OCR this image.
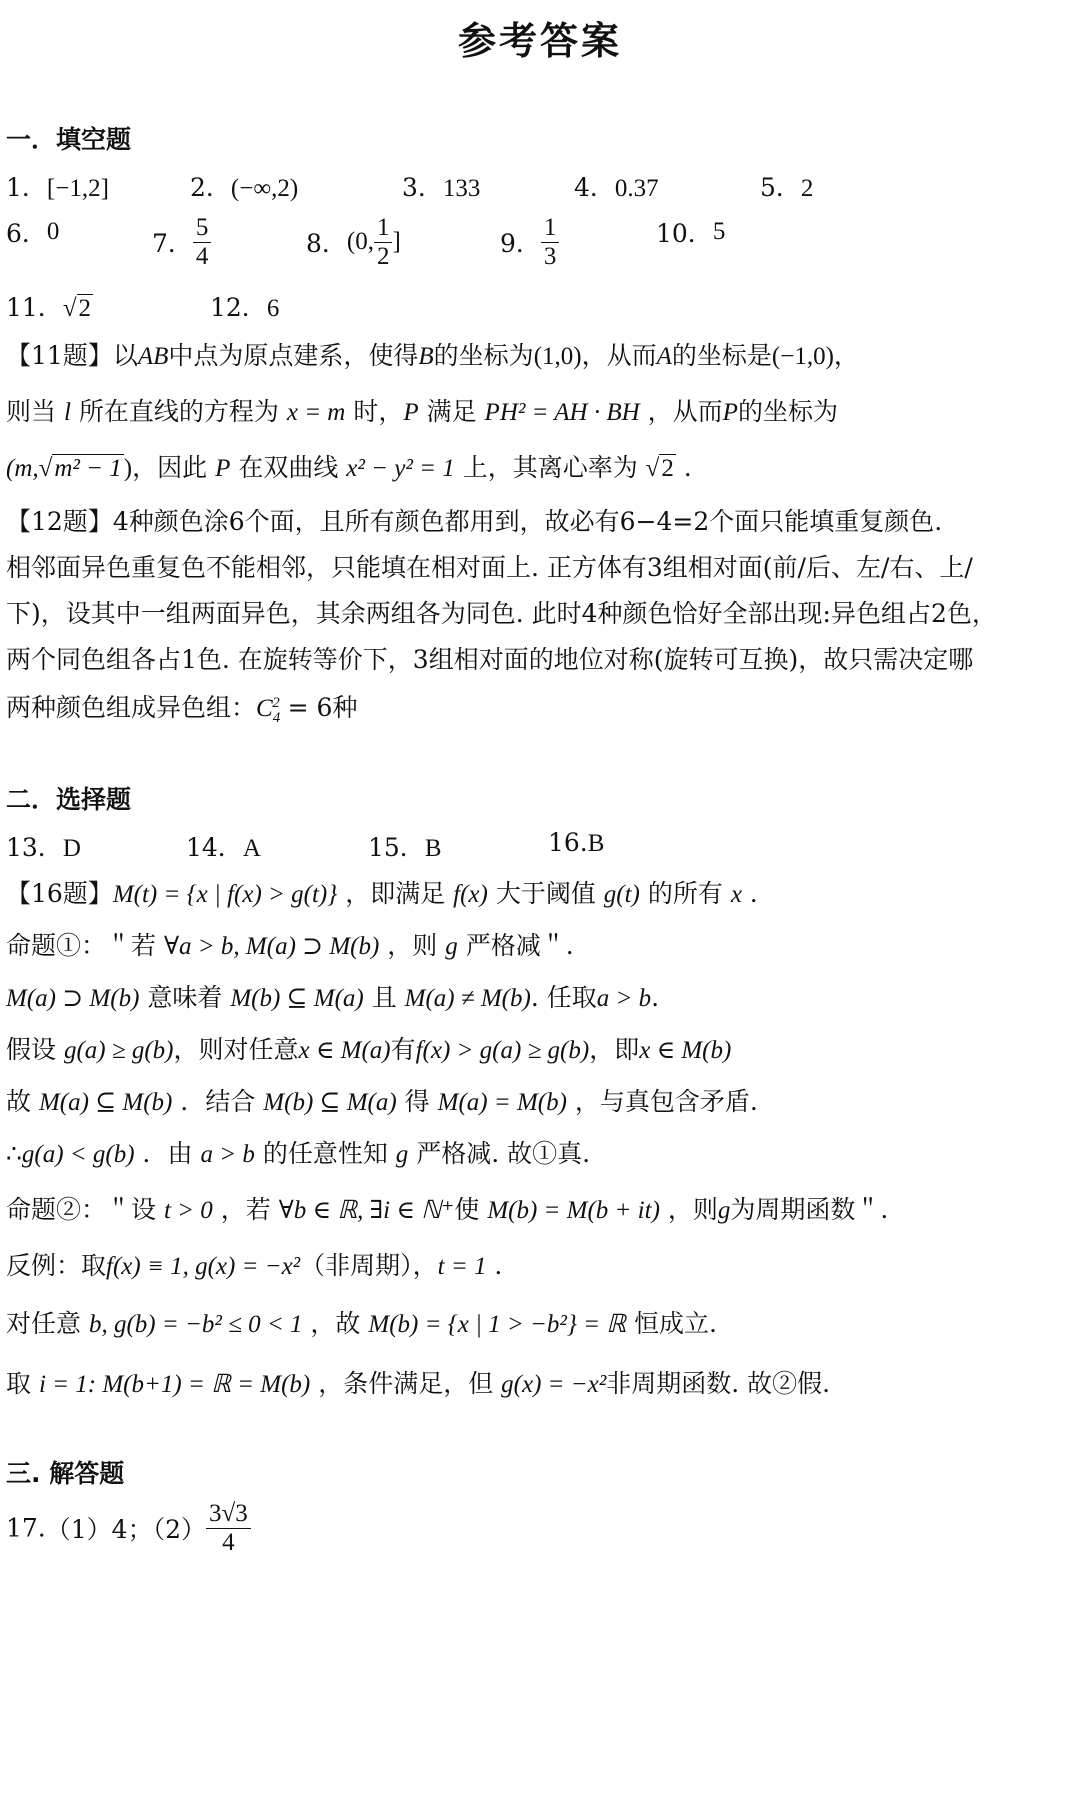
参考答案
一．填空题
1．[−1,2]	2．(−∞,2)	3．133	4．0.37	5．2
6．0	7． $\frac{5}{4}$	8．(0, $\frac{1}{2}$ ]	9． $\frac{1}{3}$	10．5
11．√2	12．6
【11题】以AB中点为原点建系，使得B的坐标为(1,0)，从而A的坐标是(−1,0)，
则当 l 所在直线的方程为 x = m 时，P 满足 PH² = AH · BH ，从而P的坐标为
(m,√m² − 1)，因此 P 在双曲线 x² − y² = 1 上，其离心率为 √2 ．
【12题】4种颜色涂6个面，且所有颜色都用到，故必有6−4=2个面只能填重复颜色.
相邻面异色重复色不能相邻，只能填在相对面上. 正方体有3组相对面(前/后、左/右、上/
下)，设其中一组两面异色，其余两组各为同色. 此时4种颜色恰好全部出现:异色组占2色，
两个同色组各占1色. 在旋转等价下，3组相对面的地位对称(旋转可互换)，故只需决定哪
两种颜色组成异色组：$C_4^2 = 6$种
二．选择题
13．D	14．A	15．B	16.B
【16题】M(t) = {x | f(x) > g(t)} ，即满足 f(x) 大于阈值 g(t) 的所有 x ．
命题①：＂若 ∀a > b, M(a) ⊃ M(b) ，则 g 严格减＂.
M(a) ⊃ M(b) 意味着 M(b) ⊆ M(a) 且 M(a) ≠ M(b). 任取a > b.
假设 g(a) ≥ g(b)，则对任意x ∈ M(a)有f(x) > g(a) ≥ g(b)，即x ∈ M(b)
故 M(a) ⊆ M(b) ．结合 M(b) ⊆ M(a) 得 M(a) = M(b) ，与真包含矛盾.
∴g(a) < g(b) ．由 a > b 的任意性知 g 严格减. 故①真.
命题②：＂设 t > 0 ，若 ∀b ∈ ℝ, ∃i ∈ ℕ⁺使 M(b) = M(b + it) ，则g为周期函数＂.
反例：取f(x) ≡ 1, g(x) = −x²（非周期），t = 1 ．
对任意 b, g(b) = −b² ≤ 0 < 1 ，故 M(b) = {x | 1 > −b²} = ℝ 恒成立.
取 i = 1: M(b+1) = ℝ = M(b) ，条件满足，但 g(x) = −x²非周期函数. 故②假.
三. 解答题
17.（1）4；$(2) \frac{3√3}{4}$
